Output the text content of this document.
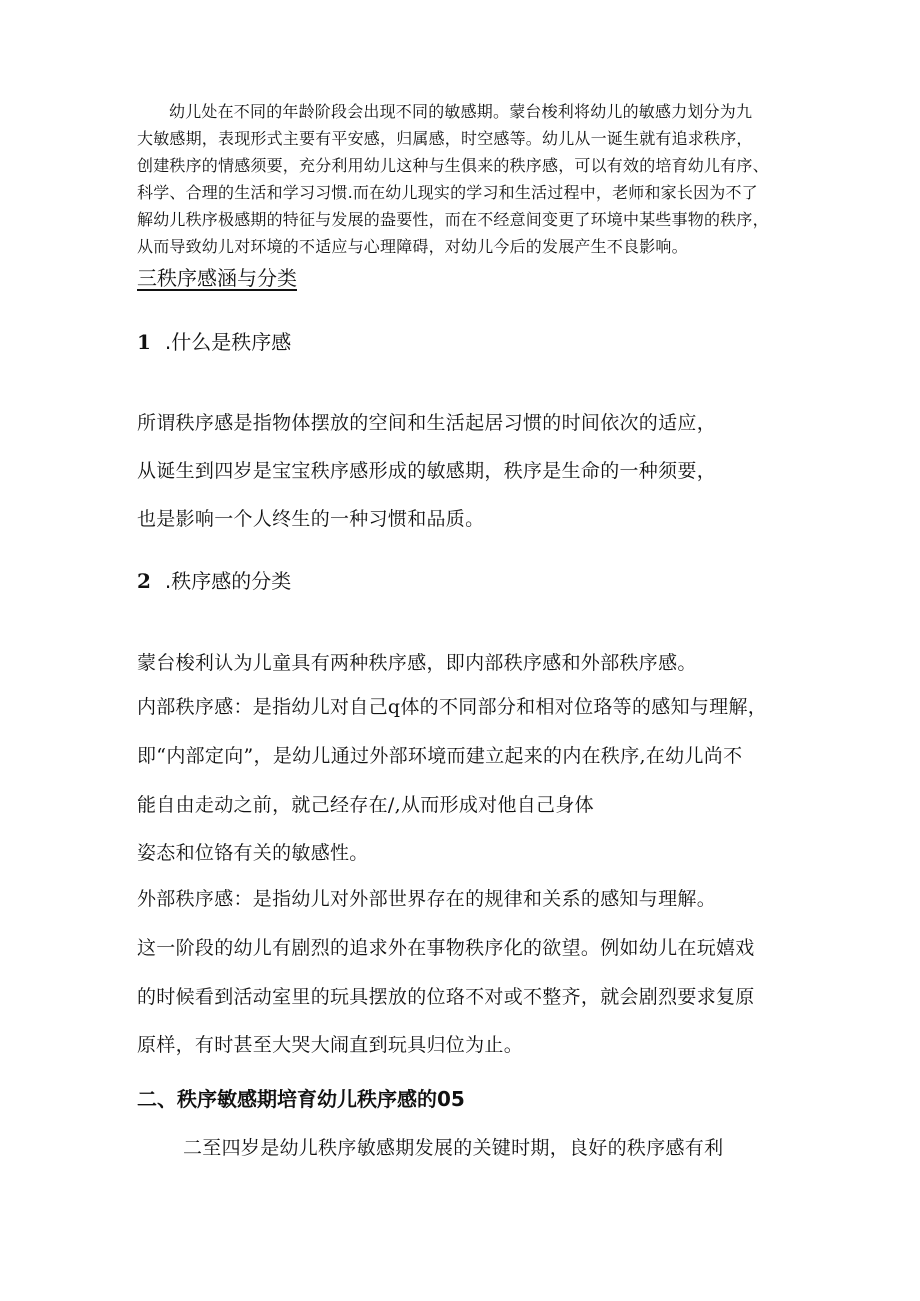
幼儿处在不同的年龄阶段会出现不同的敏感期。蒙台梭利将幼儿的敏感力划分为九
大敏感期，表现形式主要有平安感，归属感，时空感等。幼儿从一诞生就有追求秩序，
创建秩序的情感须要，充分利用幼儿这种与生俱来的秩序感，可以有效的培育幼儿有序、
科学、合理的生活和学习习惯.而在幼儿现实的学习和生活过程中，老师和家长因为不了
解幼儿秩序极感期的特征与发展的盎要性，而在不经意间变更了环境中某些事物的秩序，
从而导致幼儿对环境的不适应与心理障碍，对幼儿今后的发展产生不良影响。
三秩序感涵与分类
1 .什么是秩序感
所谓秩序感是指物体摆放的空间和生活起居习惯的时间依次的适应，
从诞生到四岁是宝宝秩序感形成的敏感期，秩序是生命的一种须要，
也是影响一个人终生的一种习惯和品质。
2 .秩序感的分类
蒙台梭利认为儿童具有两种秩序感，即内部秩序感和外部秩序感。
内部秩序感：是指幼儿对自己q体的不同部分和相对位珞等的感知与理解，
即“内部定向”，是幼儿通过外部环境而建立起来的内在秩序,在幼儿尚不
能自由走动之前，就己经存在/,从而形成对他自己身体
姿态和位铬有关的敏感性。
外部秩序感：是指幼儿对外部世界存在的规律和关系的感知与理解。
这一阶段的幼儿有剧烈的追求外在事物秩序化的欲望。例如幼儿在玩嬉戏
的时候看到活动室里的玩具摆放的位珞不对或不整齐，就会剧烈要求复原
原样，有时甚至大哭大闹直到玩具归位为止。
二、秩序敏感期培育幼儿秩序感的05
二至四岁是幼儿秩序敏感期发展的关键时期，良好的秩序感有利
